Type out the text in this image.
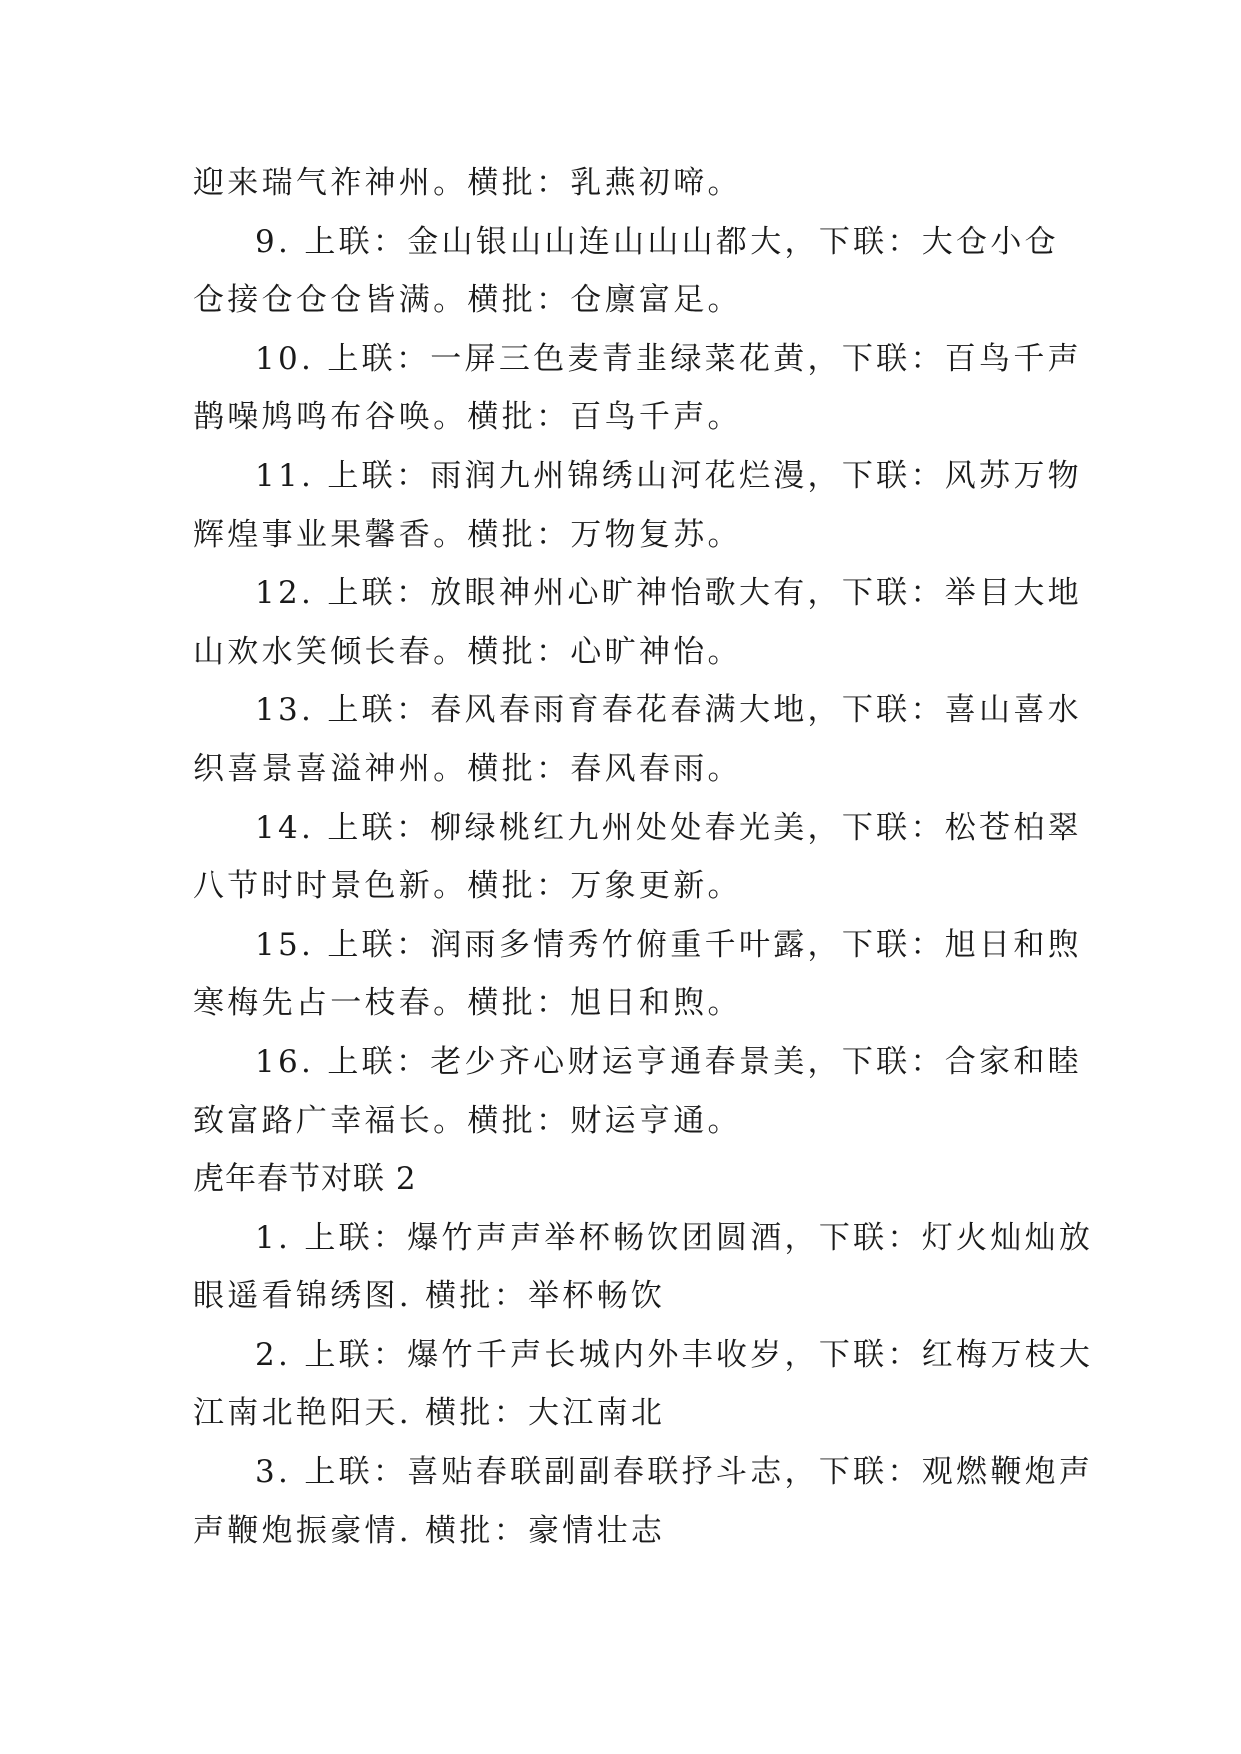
迎来瑞气祚神州。横批：乳燕初啼。
9. 上联：金山银山山连山山山都大，下联：大仓小仓
仓接仓仓仓皆满。横批：仓廪富足。
10. 上联：一屏三色麦青韭绿菜花黄，下联：百鸟千声
鹊噪鸠鸣布谷唤。横批：百鸟千声。
11. 上联：雨润九州锦绣山河花烂漫，下联：风苏万物
辉煌事业果馨香。横批：万物复苏。
12. 上联：放眼神州心旷神怡歌大有，下联：举目大地
山欢水笑倾长春。横批：心旷神怡。
13. 上联：春风春雨育春花春满大地，下联：喜山喜水
织喜景喜溢神州。横批：春风春雨。
14. 上联：柳绿桃红九州处处春光美，下联：松苍柏翠
八节时时景色新。横批：万象更新。
15. 上联：润雨多情秀竹俯重千叶露，下联：旭日和煦
寒梅先占一枝春。横批：旭日和煦。
16. 上联：老少齐心财运亨通春景美，下联：合家和睦
致富路广幸福长。横批：财运亨通。
虎年春节对联 2
1. 上联：爆竹声声举杯畅饮团圆酒，下联：灯火灿灿放
眼遥看锦绣图. 横批：举杯畅饮
2. 上联：爆竹千声长城内外丰收岁，下联：红梅万枝大
江南北艳阳天. 横批：大江南北
3. 上联：喜贴春联副副春联抒斗志，下联：观燃鞭炮声
声鞭炮振豪情. 横批：豪情壮志
